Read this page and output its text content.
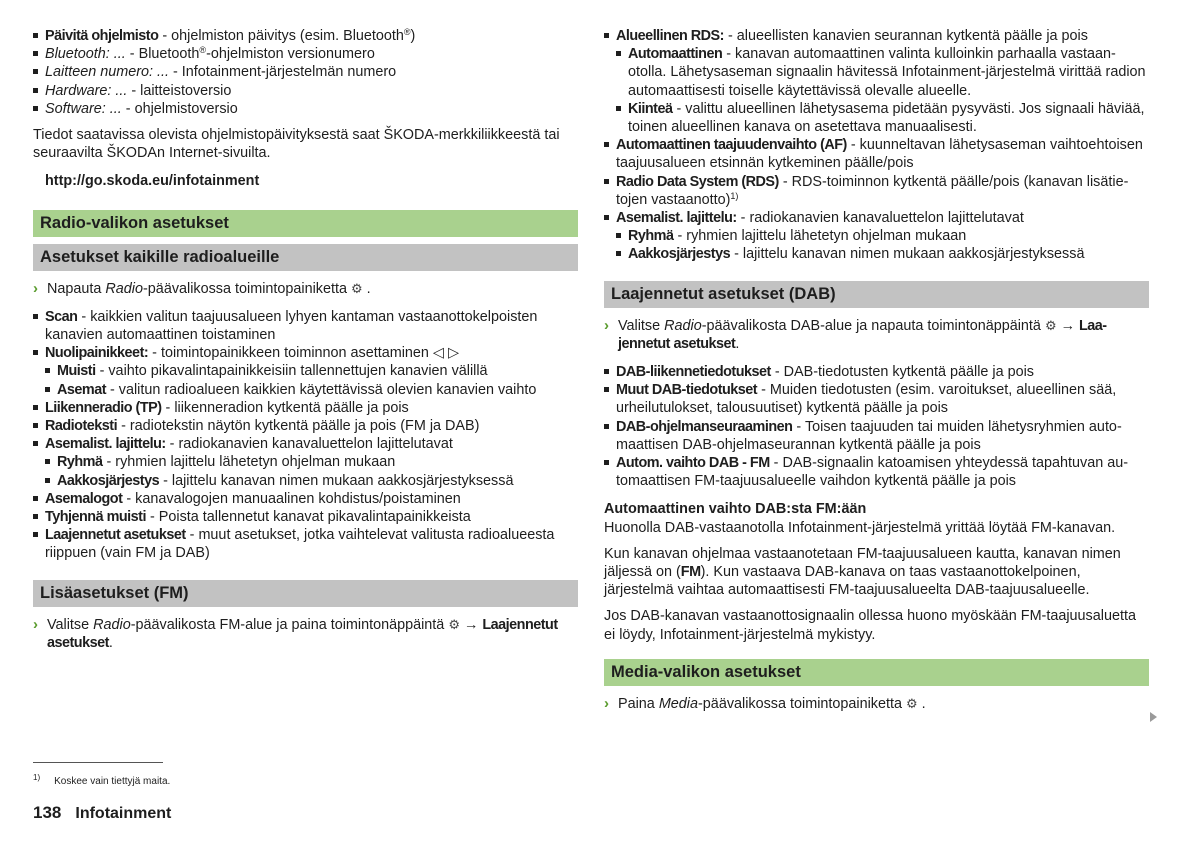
Päivitä ohjelmisto - ohjelmiston päivitys (esim. Bluetooth®)
Bluetooth: ... - Bluetooth®-ohjelmiston versionumero
Laitteen numero: ... - Infotainment-järjestelmän numero
Hardware: ... - laitteistoversio
Software: ... - ohjelmistoversio

Tiedot saatavissa olevista ohjelmistopäivityksestä saat ŠKODA-merkkiliikkeestä tai seuraavilta ŠKODAn Internet-sivuilta.

http://go.skoda.eu/infotainment
Radio-valikon asetukset
Asetukset kaikille radioalueille
› Napauta Radio-päävalikossa toimintopainiketta ⚙ .
Scan - kaikkien valitun taajuusalueen lyhyen kantaman vastaanottokelpoisten kanavien automaattinen toistaminen
Nuolipainikkeet: - toimintopainikkeen toiminnon asettaminen ◁ ▷
Muisti - vaihto pikavalintapainikkeisiin tallennettujen kanavien välillä
Asemat - valitun radioalueen kaikkien käytettävissä olevien kanavien vaihto
Liikenneradio (TP) - liikenneradion kytkentä päälle ja pois
Radioteksti - radiotekstin näytön kytkentä päälle ja pois (FM ja DAB)
Asemalist. lajittelu: - radiokanavien kanavaluettelon lajittelutavat
Ryhmä - ryhmien lajittelu lähetetyn ohjelman mukaan
Aakkosjärjestys - lajittelu kanavan nimen mukaan aakkosjärjestyksessä
Asemalogot - kanavalogojen manuaalinen kohdistus/poistaminen
Tyhjennä muisti - Poista tallennetut kanavat pikavalintapainikkeista
Laajennetut asetukset - muut asetukset, jotka vaihtelevat valitusta radioalueesta riippuen (vain FM ja DAB)
Lisäasetukset (FM)
› Valitse Radio-päävalikosta FM-alue ja paina toimintonäppäintä ⚙ → Laajennetut asetukset.
Alueellinen RDS: - alueellisten kanavien seurannan kytkentä päälle ja pois
Automaattinen - kanavan automaattinen valinta kulloinkin parhaalla vastaanotolla. Lähetysaseman signaalin hävitessä Infotainment-järjestelmä virittää radion automaattisesti toiselle käytettävissä olevalle alueelle.
Kiinteä - valittu alueellinen lähetysasema pidetään pysyvästi. Jos signaali häviää, toinen alueellinen kanava on asetettava manuaalisesti.
Automaattinen taajuudenvaihto (AF) - kuunneltavan lähetysaseman vaihtoehtoisen taajuusalueen etsinnän kytkeminen päälle/pois
Radio Data System (RDS) - RDS-toiminnon kytkentä päälle/pois (kanavan lisätietojen vastaanotto)$^{1)}$
Asemalist. lajittelu: - radiokanavien kanavaluettelon lajittelutavat
Ryhmä - ryhmien lajittelu lähetetyn ohjelman mukaan
Aakkosjärjestys - lajittelu kanavan nimen mukaan aakkosjärjestyksessä
Laajennetut asetukset (DAB)
› Valitse Radio-päävalikosta DAB-alue ja napauta toimintonäppäintä ⚙ → Laajennetut asetukset.
DAB-liikennetiedotukset - DAB-tiedotusten kytkentä päälle ja pois
Muut DAB-tiedotukset - Muiden tiedotusten (esim. varoitukset, alueellinen sää, urheilutulokset, talousuutiset) kytkentä päälle ja pois
DAB-ohjelmanseuraaminen - Toisen taajuuden tai muiden lähetysryhmien automaattisen DAB-ohjelmaseurannan kytkentä päälle ja pois
Autom. vaihto DAB - FM - DAB-signaalin katoamisen yhteydessä tapahtuvan automaattisen FM-taajuusalueelle vaihdon kytkentä päälle ja pois
Automaattinen vaihto DAB:sta FM:ään

Huonolla DAB-vastaanotolla Infotainment-järjestelmä yrittää löytää FM-kanavan.

Kun kanavan ohjelmaa vastaanotetaan FM-taajuusalueen kautta, kanavan nimen jäljessä on (FM). Kun vastaava DAB-kanava on taas vastaanottokelpoinen, järjestelmä vaihtaa automaattisesti FM-taajuusalueelta DAB-taajuusalueelle.

Jos DAB-kanavan vastaanottosignaalin ollessa huono myöskään FM-taajuusaluetta ei löydy, Infotainment-järjestelmä mykistyy.

Media-valikon asetukset
› Paina Media-päävalikossa toimintopainiketta ⚙ .
$^{1)}$ Koskee vain tiettyjä maita.
138 Infotainment
